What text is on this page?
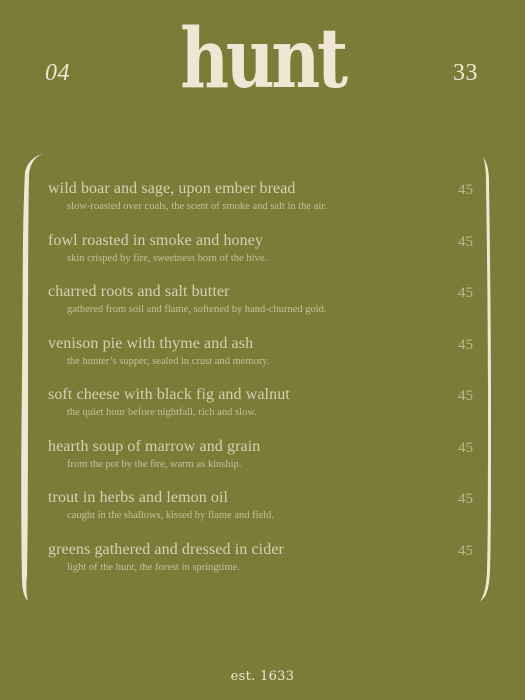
04	hunt	33
wild boar and sage, upon ember bread
slow-roasted over coals, the scent of smoke and salt in the air.
45
fowl roasted in smoke and honey
skin crisped by fire, sweetness born of the hive.
45
charred roots and salt butter
gathered from soil and flame, softened by hand-churned gold.
45
venison pie with thyme and ash
the hunter’s supper, sealed in crust and memory.
45
soft cheese with black fig and walnut
the quiet hour before nightfall, rich and slow.
45
hearth soup of marrow and grain
from the pot by the fire, warm as kinship.
45
trout in herbs and lemon oil
caught in the shallows, kissed by flame and field.
45
greens gathered and dressed in cider
light of the hunt, the forest in springtime.
45
est. 1633
